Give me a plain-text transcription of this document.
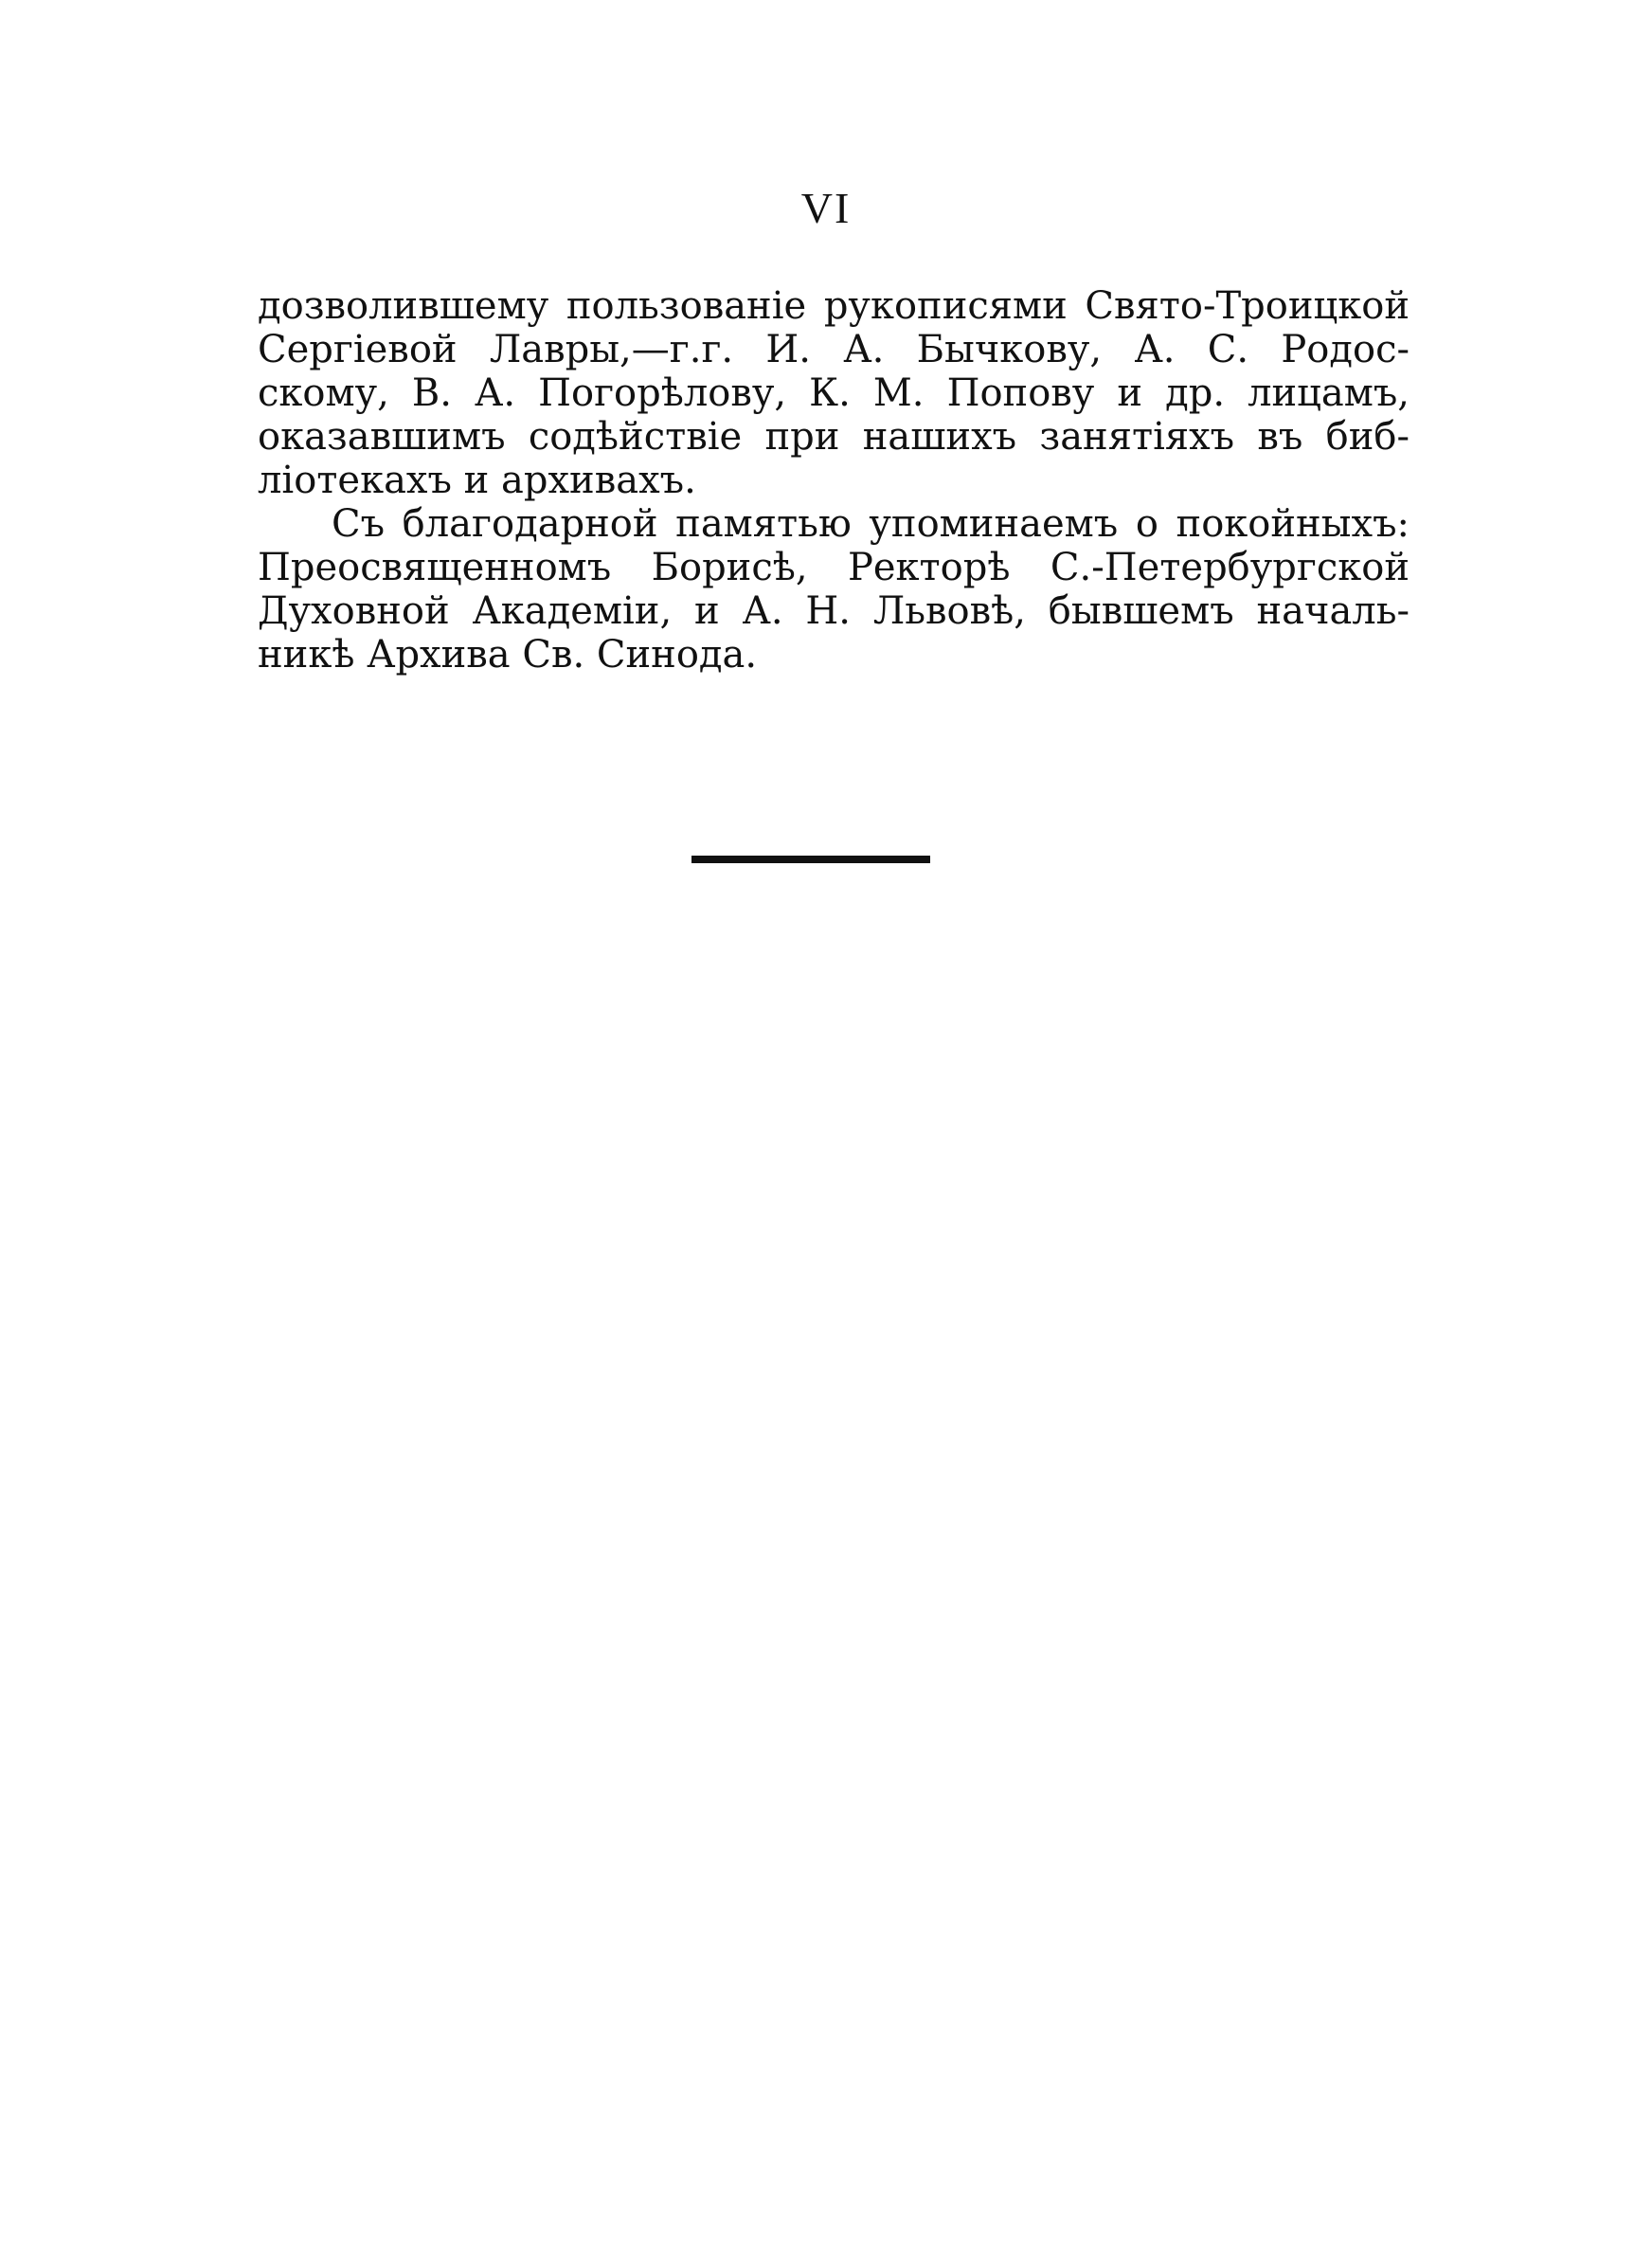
VI
дозволившему пользованіе рукописями Свято-Троицкой
Сергіевой Лавры,—г.г. И. А. Бычкову, А. С. Родос-
скому, В. А. Погорѣлову, К. М. Попову и др. лицамъ,
оказавшимъ содѣйствіе при нашихъ занятіяхъ въ биб-
ліотекахъ и архивахъ.
Съ благодарной памятью упоминаемъ о покойныхъ:
Преосвященномъ Борисѣ, Ректорѣ С.-Петербургской
Духовной Академіи, и А. Н. Львовѣ, бывшемъ началь-
никѣ Архива Св. Синода.
